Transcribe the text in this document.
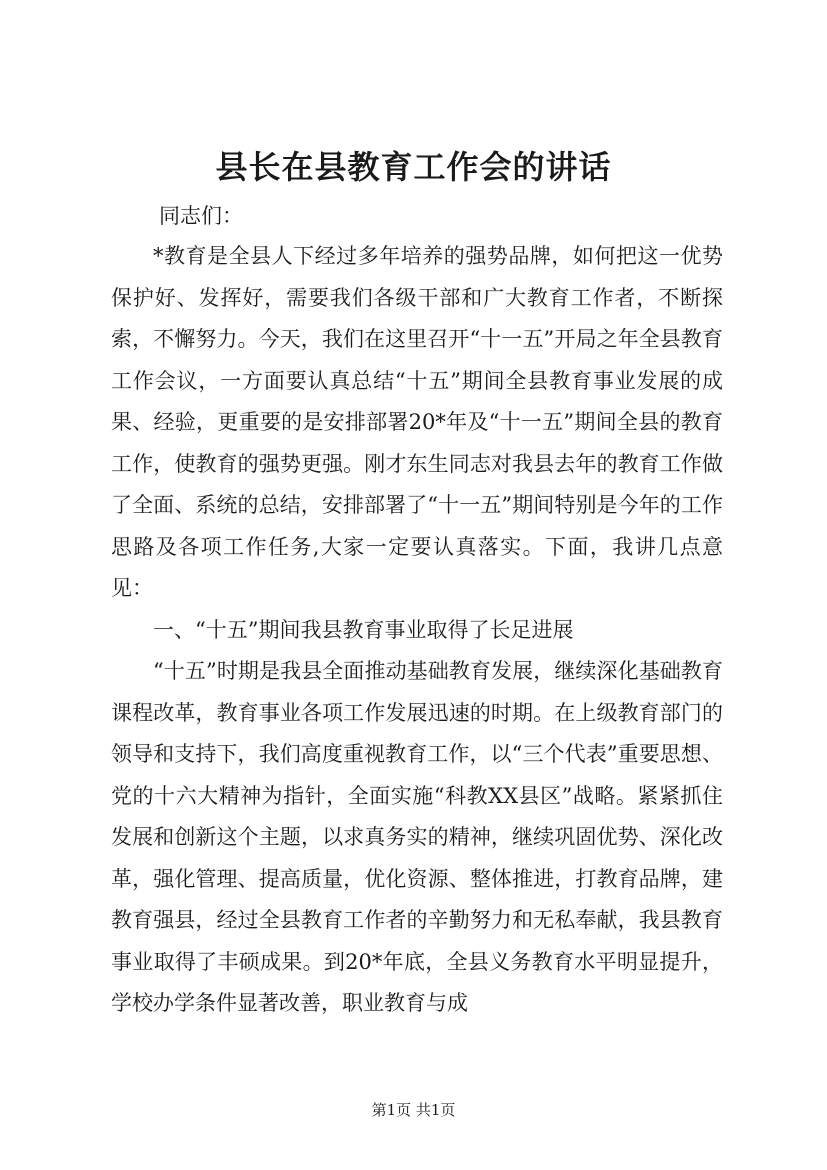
县长在县教育工作会的讲话
同志们：

*教育是全县人下经过多年培养的强势品牌，如何把这一优势保护好、发挥好，需要我们各级干部和广大教育工作者，不断探索，不懈努力。今天，我们在这里召开“十一五”开局之年全县教育工作会议，一方面要认真总结“十五”期间全县教育事业发展的成果、经验，更重要的是安排部署20*年及“十一五”期间全县的教育工作，使教育的强势更强。刚才东生同志对我县去年的教育工作做了全面、系统的总结，安排部署了“十一五”期间特别是今年的工作思路及各项工作任务,大家一定要认真落实。下面，我讲几点意见：

一、“十五”期间我县教育事业取得了长足进展

“十五”时期是我县全面推动基础教育发展，继续深化基础教育课程改革，教育事业各项工作发展迅速的时期。在上级教育部门的领导和支持下，我们高度重视教育工作，以“三个代表”重要思想、党的十六大精神为指针，全面实施“科教XX县区”战略。紧紧抓住发展和创新这个主题，以求真务实的精神，继续巩固优势、深化改革，强化管理、提高质量，优化资源、整体推进，打教育品牌，建教育强县，经过全县教育工作者的辛勤努力和无私奉献，我县教育事业取得了丰硕成果。到20*年底，全县义务教育水平明显提升，学校办学条件显著改善，职业教育与成

第1页 共1页
